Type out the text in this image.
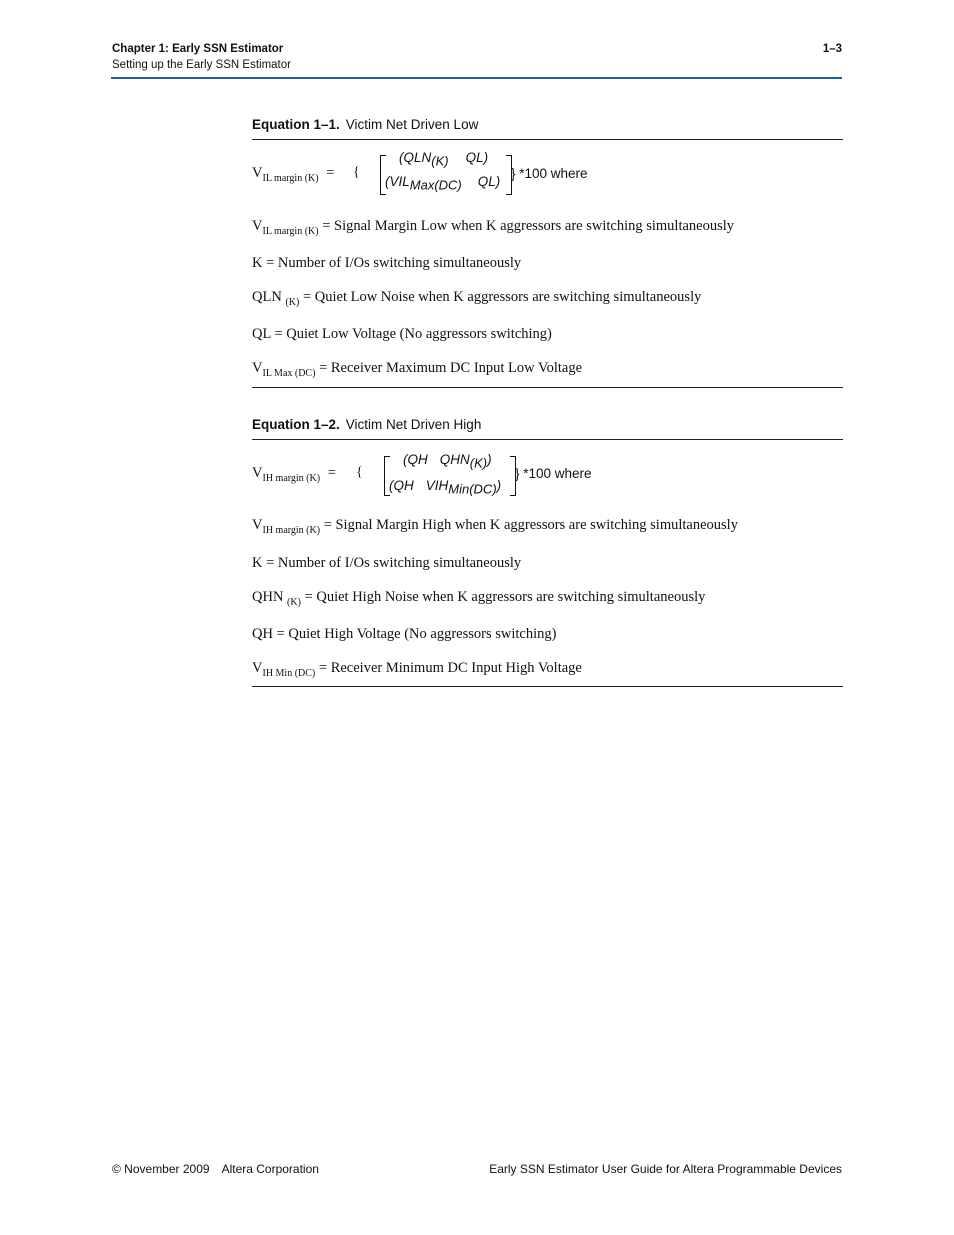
Chapter 1: Early SSN Estimator	1–3
Setting up the Early SSN Estimator
Equation 1–1. Victim Net Driven Low
$V_{IL margin (K)}$ = {
($QLN_{(K)}$ QL)
($VIL_{Max(DC)}$ QL)
} *100 where
$V_{IL margin (K)}$ = Signal Margin Low when K aggressors are switching simultaneously
K = Number of I/Os switching simultaneously
QLN $_{(K)}$ = Quiet Low Noise when K aggressors are switching simultaneously
QL = Quiet Low Voltage (No aggressors switching)
$V_{IL Max (DC)}$ = Receiver Maximum DC Input Low Voltage
Equation 1–2. Victim Net Driven High
$V_{IH margin (K)}$ = {
(QH $QHN_{(K)}$)
(QH $VIH_{Min(DC)}$)
} *100 where
$V_{IH margin (K)}$ = Signal Margin High when K aggressors are switching simultaneously
K = Number of I/Os switching simultaneously
QHN $_{(K)}$ = Quiet High Noise when K aggressors are switching simultaneously
QH = Quiet High Voltage (No aggressors switching)
$V_{IH Min (DC)}$ = Receiver Minimum DC Input High Voltage
© November 2009 Altera Corporation	Early SSN Estimator User Guide for Altera Programmable Devices
